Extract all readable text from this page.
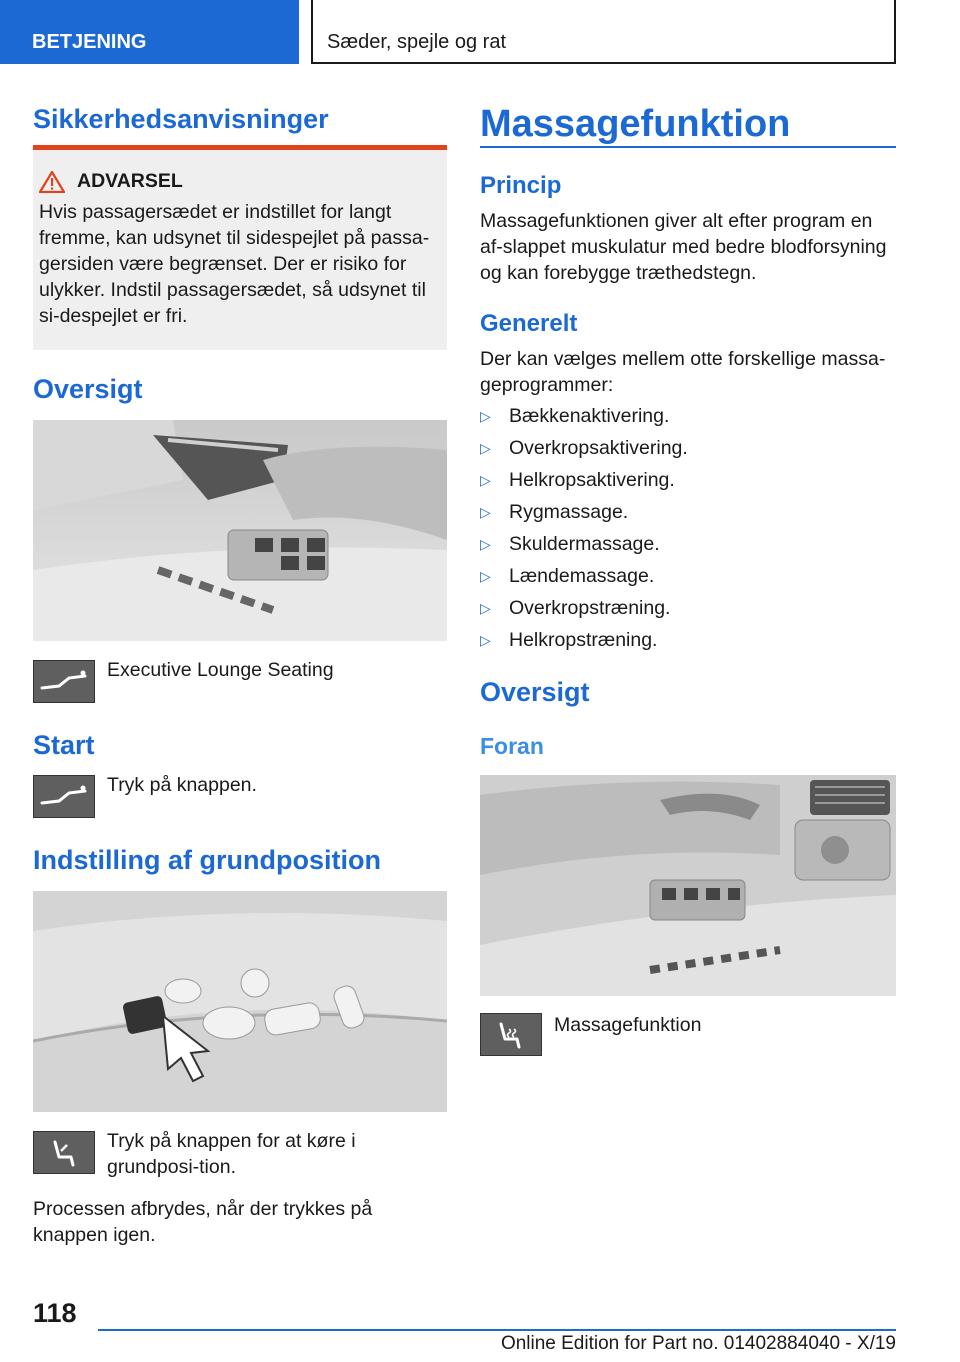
BETJENING	Sæder, spejle og rat
Sikkerhedsanvisninger
ADVARSEL

Hvis passagersædet er indstillet for langt fremme, kan udsynet til sidespejlet på passa-gersiden være begrænset. Der er risiko for ulykker. Indstil passagersædet, så udsynet til si-despejlet er fri.

Oversigt

Executive Lounge Seating

Start

Tryk på knappen.

Indstilling af grundposition

Tryk på knappen for at køre i grundposi-tion.

Processen afbrydes, når der trykkes på knappen igen.

Massagefunktion
Princip

Massagefunktionen giver alt efter program en af-slappet muskulatur med bedre blodforsyning og kan forebygge træthedstegn.

Generelt

Der kan vælges mellem otte forskellige massa-geprogrammer:

▷ Bækkenaktivering.
▷ Overkropsaktivering.
▷ Helkropsaktivering.
▷ Rygmassage.
▷ Skuldermassage.
▷ Lændemassage.
▷ Overkropstræning.
▷ Helkropstræning.
Oversigt
Foran

Massagefunktion

118
Online Edition for Part no. 01402884040 - X/19
